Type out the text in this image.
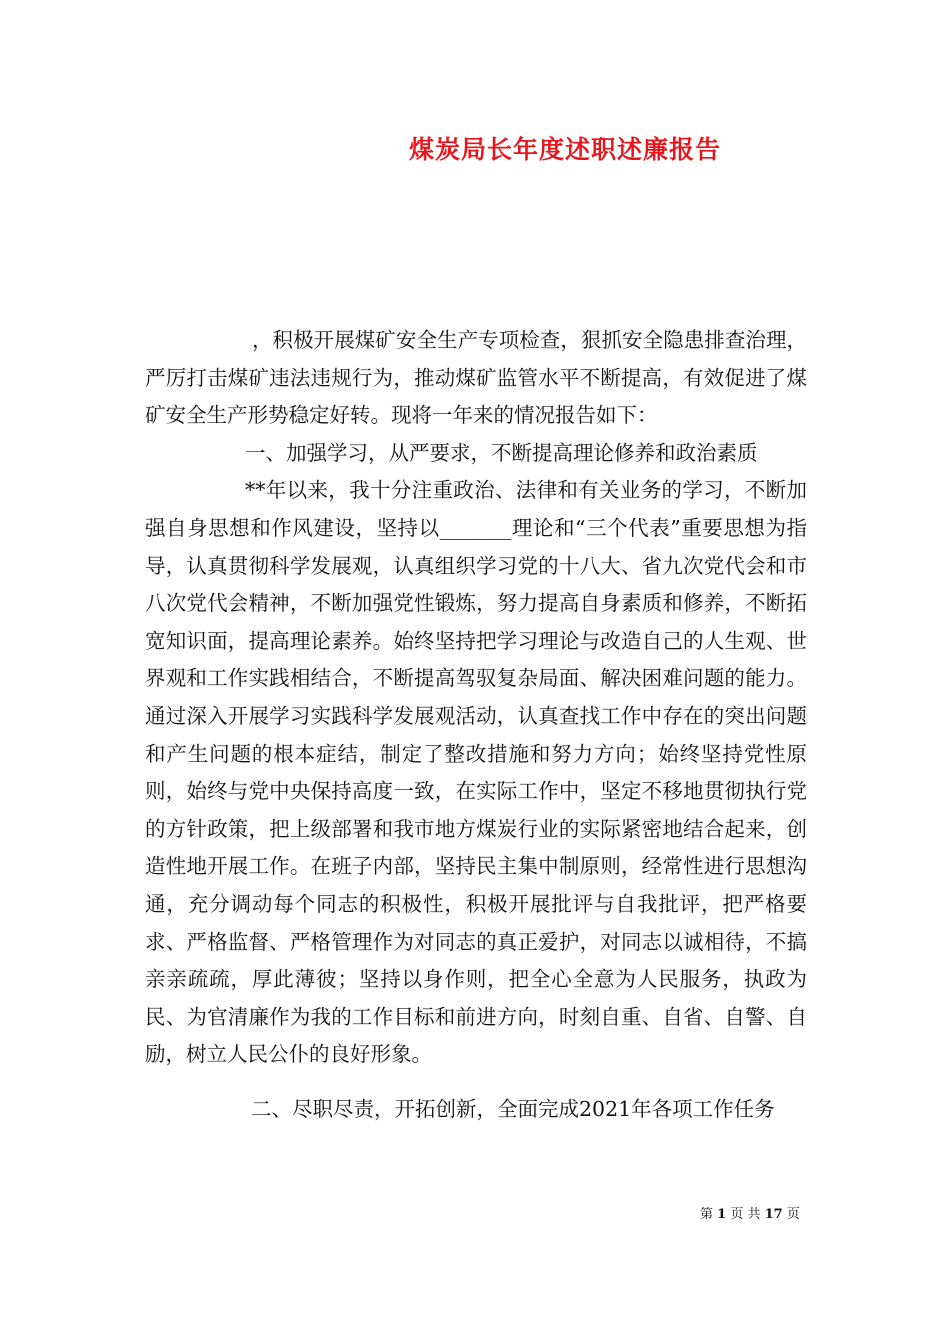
煤炭局长年度述职述廉报告

，积极开展煤矿安全生产专项检查，狠抓安全隐患排查治理，严厉打击煤矿违法违规行为，推动煤矿监管水平不断提高，有效促进了煤矿安全生产形势稳定好转。现将一年来的情况报告如下：

一、加强学习，从严要求，不断提高理论修养和政治素质

**年以来，我十分注重政治、法律和有关业务的学习，不断加强自身思想和作风建设，坚持以_______理论和“三个代表”重要思想为指导，认真贯彻科学发展观，认真组织学习党的十八大、省九次党代会和市八次党代会精神，不断加强党性锻炼，努力提高自身素质和修养，不断拓宽知识面，提高理论素养。始终坚持把学习理论与改造自己的人生观、世界观和工作实践相结合，不断提高驾驭复杂局面、解决困难问题的能力。通过深入开展学习实践科学发展观活动，认真查找工作中存在的突出问题和产生问题的根本症结，制定了整改措施和努力方向；始终坚持党性原则，始终与党中央保持高度一致，在实际工作中，坚定不移地贯彻执行党的方针政策，把上级部署和我市地方煤炭行业的实际紧密地结合起来，创造性地开展工作。在班子内部，坚持民主集中制原则，经常性进行思想沟通，充分调动每个同志的积极性，积极开展批评与自我批评，把严格要求、严格监督、严格管理作为对同志的真正爱护，对同志以诚相待，不搞亲亲疏疏，厚此薄彼；坚持以身作则，把全心全意为人民服务，执政为民、为官清廉作为我的工作目标和前进方向，时刻自重、自省、自警、自励，树立人民公仆的良好形象。

二、尽职尽责，开拓创新，全面完成2021年各项工作任务

第 1 页 共 17 页
